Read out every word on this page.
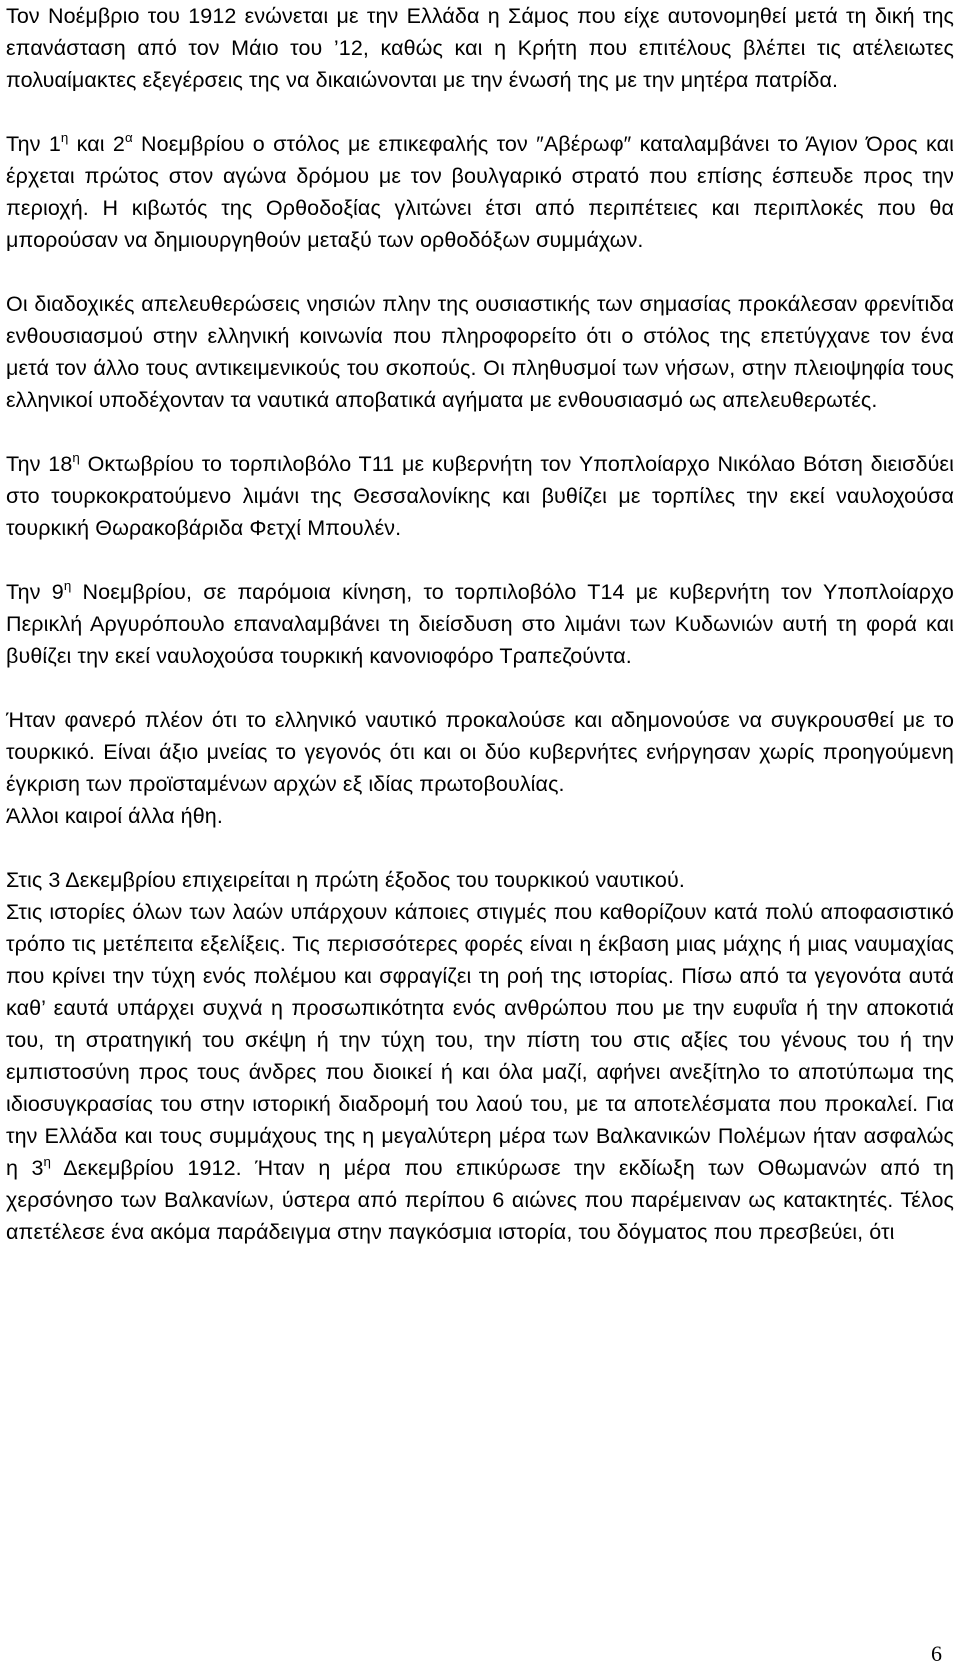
Τον Νοέμβριο του 1912 ενώνεται με την Ελλάδα η Σάμος που είχε αυτονομηθεί μετά τη δική της επανάσταση από τον Μάιο του ’12, καθώς και η Κρήτη που επιτέλους βλέπει τις ατέλειωτες πολυαίμακτες εξεγέρσεις της να δικαιώνονται με την ένωσή της με την μητέρα πατρίδα.

Την $1^\eta$ και $2^\alpha$ Νοεμβρίου ο στόλος με επικεφαλής τον ″Αβέρωφ″ καταλαμβάνει το Άγιον Όρος και έρχεται πρώτος στον αγώνα δρόμου με τον βουλγαρικό στρατό που επίσης έσπευδε προς την περιοχή. Η κιβωτός της Ορθοδοξίας γλιτώνει έτσι από περιπέτειες και περιπλοκές που θα μπορούσαν να δημιουργηθούν μεταξύ των ορθοδόξων συμμάχων.

Οι διαδοχικές απελευθερώσεις νησιών πλην της ουσιαστικής των σημασίας προκάλεσαν φρενίτιδα ενθουσιασμού στην ελληνική κοινωνία που πληροφορείτο ότι ο στόλος της επετύγχανε τον ένα μετά τον άλλο τους αντικειμενικούς του σκοπούς. Οι πληθυσμοί των νήσων, στην πλειοψηφία τους ελληνικοί υποδέχονταν τα ναυτικά αποβατικά αγήματα με ενθουσιασμό ως απελευθερωτές.

Την $18^\eta$ Οκτωβρίου το τορπιλοβόλο Τ11 με κυβερνήτη τον Υποπλοίαρχο Νικόλαο Βότση διεισδύει στο τουρκοκρατούμενο λιμάνι της Θεσσαλονίκης και βυθίζει με τορπίλες την εκεί ναυλοχούσα τουρκική Θωρακοβάριδα Φετχί Μπουλέν.

Την $9^\eta$ Νοεμβρίου, σε παρόμοια κίνηση, το τορπιλοβόλο Τ14 με κυβερνήτη τον Υποπλοίαρχο Περικλή Αργυρόπουλο επαναλαμβάνει τη διείσδυση στο λιμάνι των Κυδωνιών αυτή τη φορά και βυθίζει την εκεί ναυλοχούσα τουρκική κανονιοφόρο Τραπεζούντα.

Ήταν φανερό πλέον ότι το ελληνικό ναυτικό προκαλούσε και αδημονούσε να συγκρουσθεί με το τουρκικό. Είναι άξιο μνείας το γεγονός ότι και οι δύο κυβερνήτες ενήργησαν χωρίς προηγούμενη έγκριση των προϊσταμένων αρχών εξ ιδίας πρωτοβουλίας.

Άλλοι καιροί άλλα ήθη.

Στις 3 Δεκεμβρίου επιχειρείται η πρώτη έξοδος του τουρκικού ναυτικού.

Στις ιστορίες όλων των λαών υπάρχουν κάποιες στιγμές που καθορίζουν κατά πολύ αποφασιστικό τρόπο τις μετέπειτα εξελίξεις. Τις περισσότερες φορές είναι η έκβαση μιας μάχης ή μιας ναυμαχίας που κρίνει την τύχη ενός πολέμου και σφραγίζει τη ροή της ιστορίας. Πίσω από τα γεγονότα αυτά καθ’ εαυτά υπάρχει συχνά η προσωπικότητα ενός ανθρώπου που με την ευφυΐα ή την αποκοτιά του, τη στρατηγική του σκέψη ή την τύχη του, την πίστη του στις αξίες του γένους του ή την εμπιστοσύνη προς τους άνδρες που διοικεί ή και όλα μαζί, αφήνει ανεξίτηλο το αποτύπωμα της ιδιοσυγκρασίας του στην ιστορική διαδρομή του λαού του, με τα αποτελέσματα που προκαλεί. Για την Ελλάδα και τους συμμάχους της η μεγαλύτερη μέρα των Βαλκανικών Πολέμων ήταν ασφαλώς η $3^\eta$ Δεκεμβρίου 1912. Ήταν η μέρα που επικύρωσε την εκδίωξη των Οθωμανών από τη χερσόνησο των Βαλκανίων, ύστερα από περίπου 6 αιώνες που παρέμειναν ως κατακτητές. Τέλος απετέλεσε ένα ακόμα παράδειγμα στην παγκόσμια ιστορία, του δόγματος που πρεσβεύει, ότι

6
